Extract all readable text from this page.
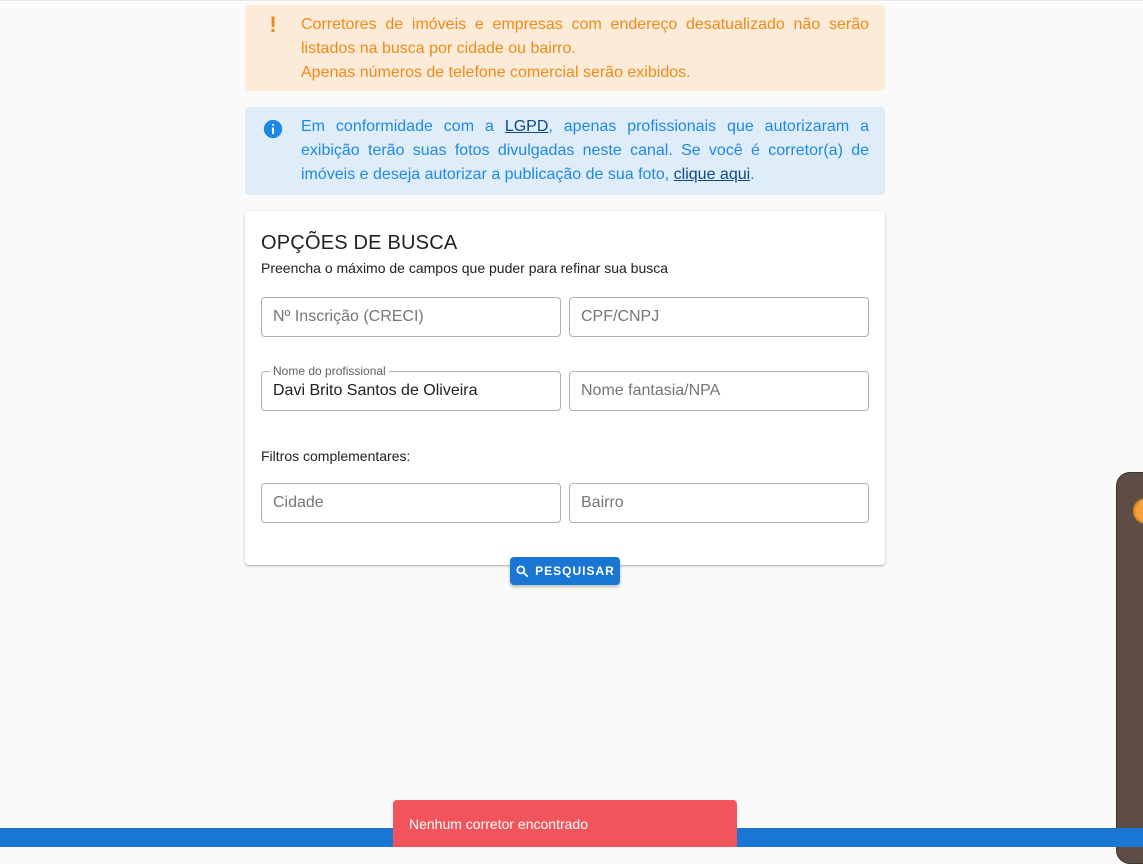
!	Corretores de imóveis e empresas com endereço desatualizado não serão listados na busca por cidade ou bairro.

Apenas números de telefone comercial serão exibidos.

Em conformidade com a LGPD, apenas profissionais que autorizaram a exibição terão suas fotos divulgadas neste canal. Se você é corretor(a) de imóveis e deseja autorizar a publicação de sua foto, clique aqui.

OPÇÕES DE BUSCA
Preencha o máximo de campos que puder para refinar sua busca
Nº Inscrição (CRECI)	CPF/CNPJ
Nome do profissional
Davi Brito Santos de Oliveira	Nome fantasia/NPA
Filtros complementares:
Cidade	Bairro
PESQUISAR
Nenhum corretor encontrado
